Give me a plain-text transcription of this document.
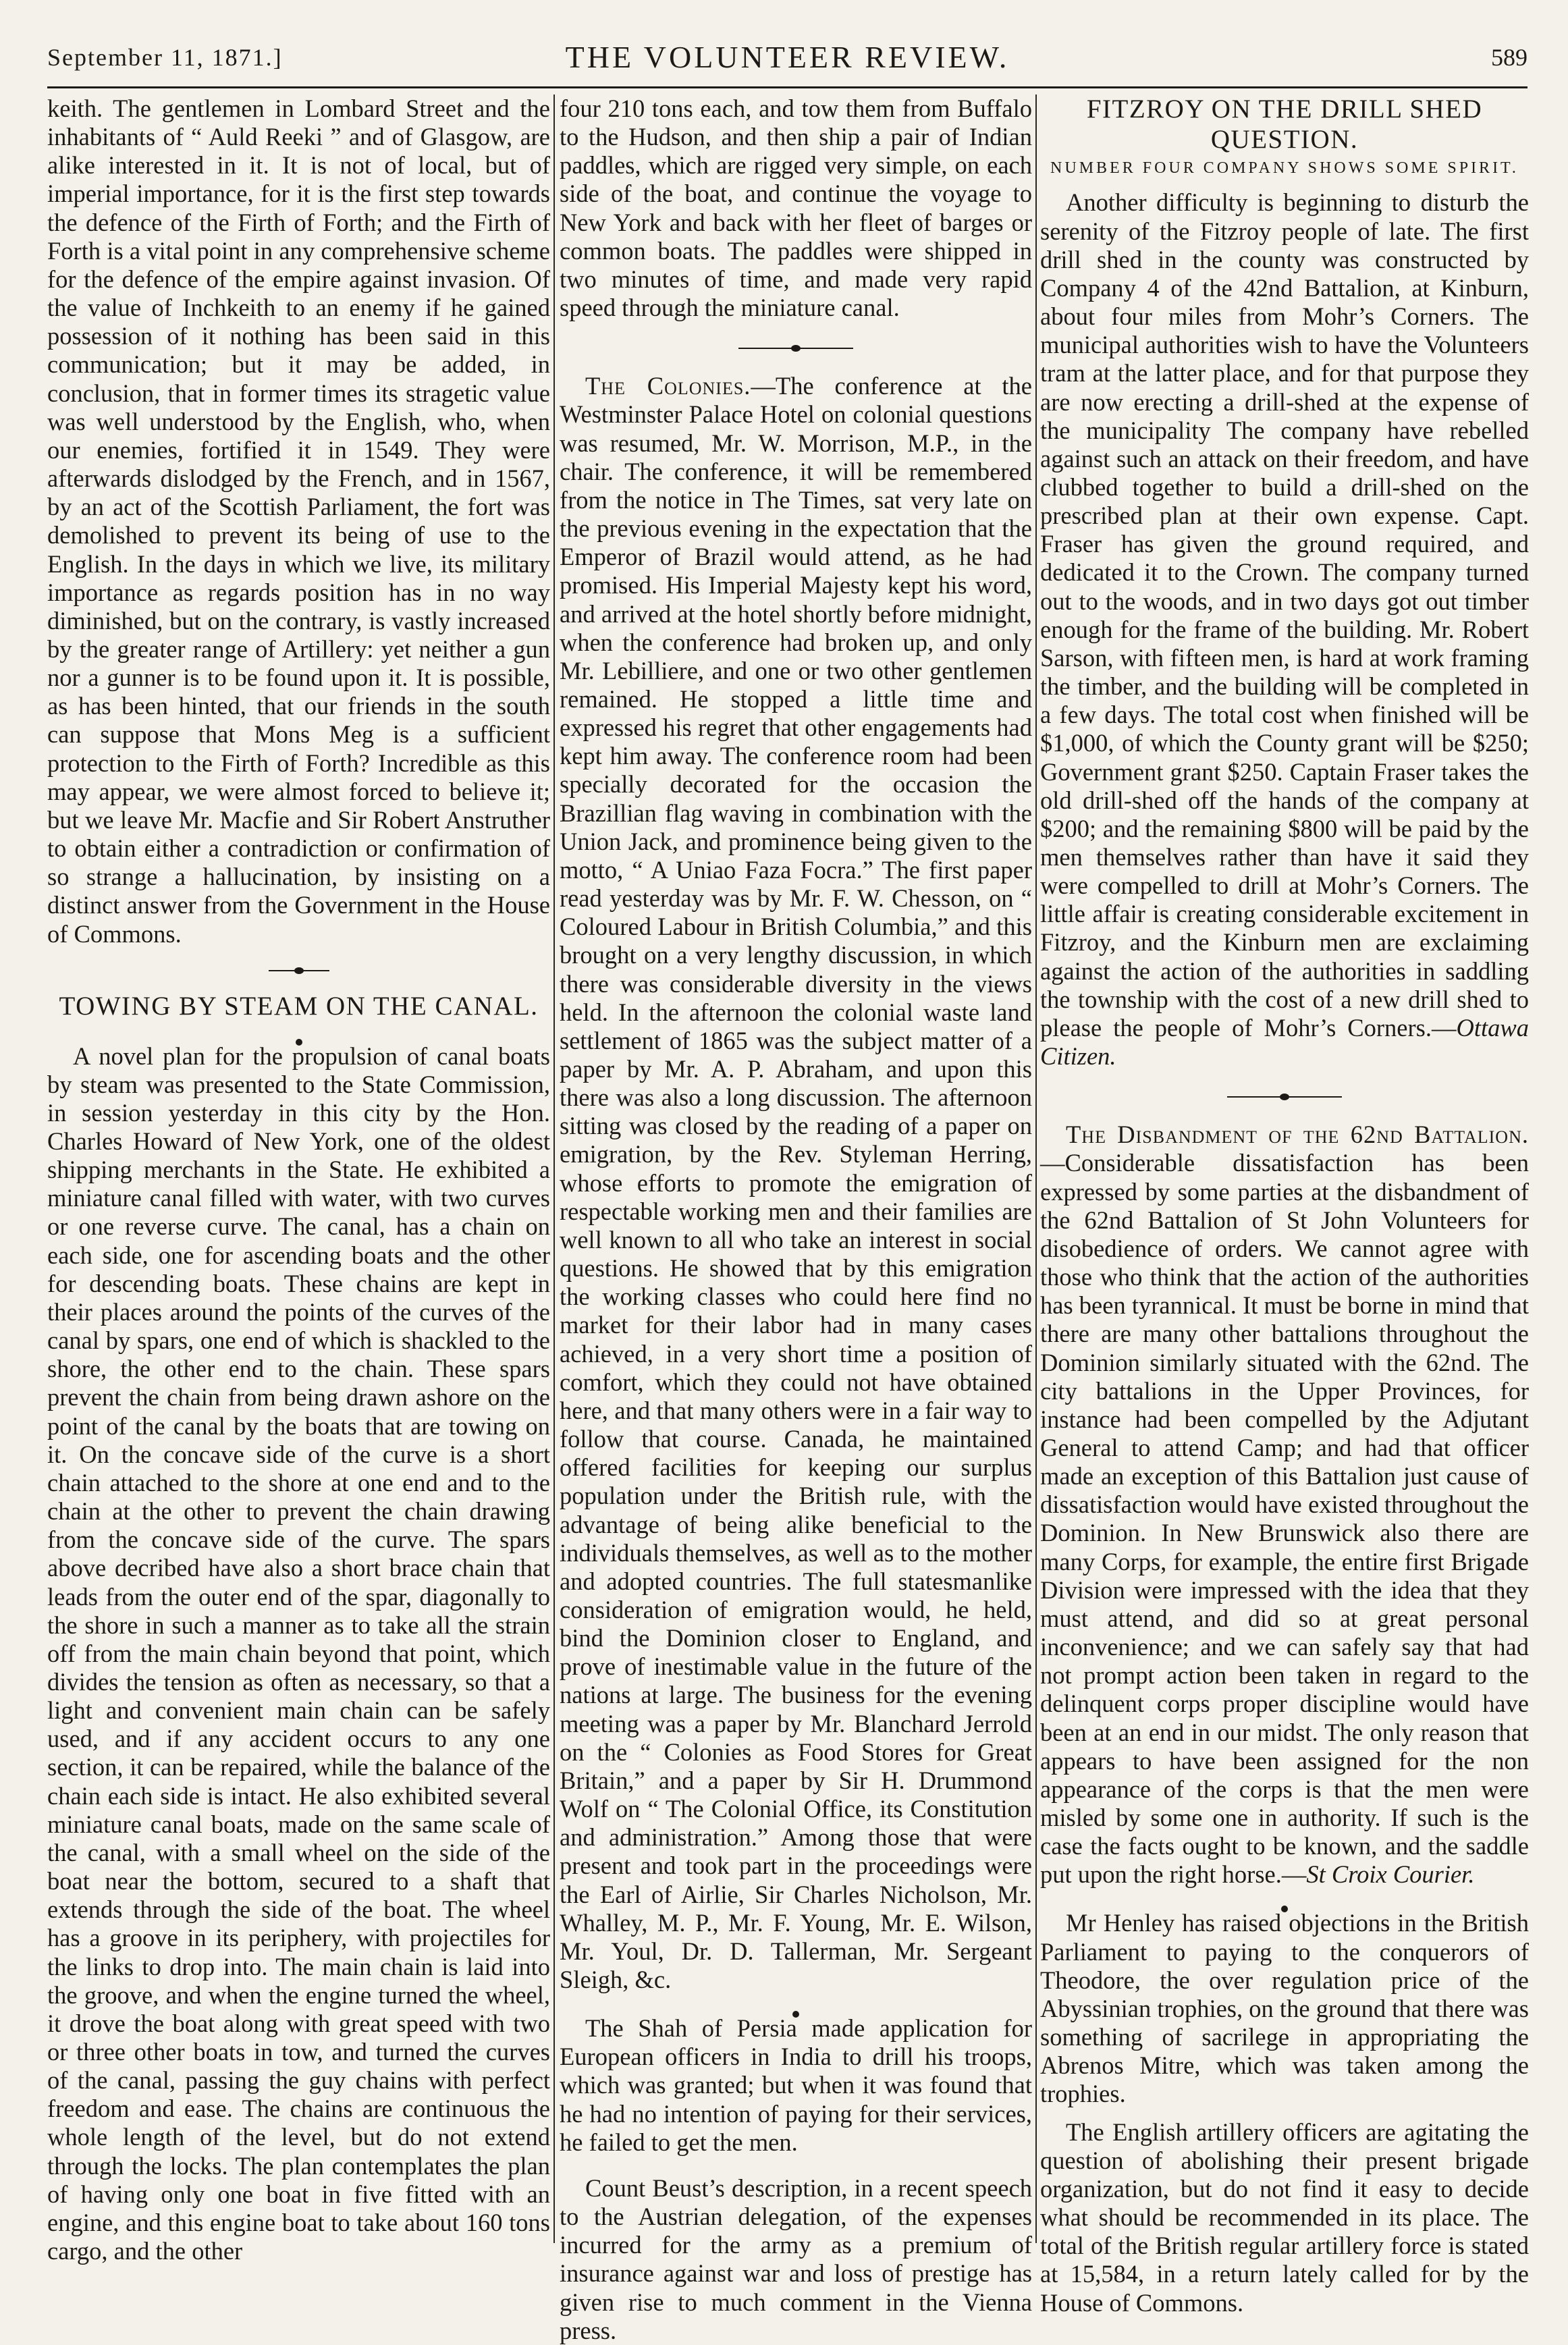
September 11, 1871.]	THE VOLUNTEER REVIEW.	589

keith. The gentlemen in Lombard Street and the inhabitants of “ Auld Reeki ” and of Glasgow, are alike interested in it. It is not of local, but of imperial importance, for it is the first step towards the defence of the Firth of Forth; and the Firth of Forth is a vital point in any comprehensive scheme for the defence of the empire against invasion. Of the value of Inchkeith to an enemy if he gained possession of it nothing has been said in this communication; but it may be added, in conclusion, that in former times its stragetic value was well understood by the English, who, when our enemies, fortified it in 1549. They were afterwards dislodged by the French, and in 1567, by an act of the Scottish Parliament, the fort was demolished to prevent its being of use to the English. In the days in which we live, its military importance as regards position has in no way diminished, but on the contrary, is vastly increased by the greater range of Artillery: yet neither a gun nor a gunner is to be found upon it. It is possible, as has been hinted, that our friends in the south can suppose that Mons Meg is a sufficient protection to the Firth of Forth? Incredible as this may appear, we were almost forced to believe it; but we leave Mr. Macfie and Sir Robert Anstruther to obtain either a contradiction or confirmation of so strange a hallucination, by insisting on a distinct answer from the Government in the House of Commons.

TOWING BY STEAM ON THE CANAL.

A novel plan for the propulsion of canal boats by steam was presented to the State Commission, in session yesterday in this city by the Hon. Charles Howard of New York, one of the oldest shipping merchants in the State. He exhibited a miniature canal filled with water, with two curves or one reverse curve. The canal, has a chain on each side, one for ascending boats and the other for descending boats. These chains are kept in their places around the points of the curves of the canal by spars, one end of which is shackled to the shore, the other end to the chain. These spars prevent the chain from being drawn ashore on the point of the canal by the boats that are towing on it. On the concave side of the curve is a short chain attached to the shore at one end and to the chain at the other to prevent the chain drawing from the concave side of the curve. The spars above decribed have also a short brace chain that leads from the outer end of the spar, diagonally to the shore in such a manner as to take all the strain off from the main chain beyond that point, which divides the tension as often as necessary, so that a light and convenient main chain can be safely used, and if any accident occurs to any one section, it can be repaired, while the balance of the chain each side is intact. He also exhibited several miniature canal boats, made on the same scale of the canal, with a small wheel on the side of the boat near the bottom, secured to a shaft that extends through the side of the boat. The wheel has a groove in its periphery, with projectiles for the links to drop into. The main chain is laid into the groove, and when the engine turned the wheel, it drove the boat along with great speed with two or three other boats in tow, and turned the curves of the canal, passing the guy chains with perfect freedom and ease. The chains are continuous the whole length of the level, but do not extend through the locks. The plan contemplates the plan of having only one boat in five fitted with an engine, and this engine boat to take about 160 tons cargo, and the other

four 210 tons each, and tow them from Buffalo to the Hudson, and then ship a pair of Indian paddles, which are rigged very simple, on each side of the boat, and continue the voyage to New York and back with her fleet of barges or common boats. The paddles were shipped in two minutes of time, and made very rapid speed through the miniature canal.

The Colonies.—The conference at the Westminster Palace Hotel on colonial questions was resumed, Mr. W. Morrison, M.P., in the chair. The conference, it will be remembered from the notice in The Times, sat very late on the previous evening in the expectation that the Emperor of Brazil would attend, as he had promised. His Imperial Majesty kept his word, and arrived at the hotel shortly before midnight, when the conference had broken up, and only Mr. Lebilliere, and one or two other gentlemen remained. He stopped a little time and expressed his regret that other engagements had kept him away. The conference room had been specially decorated for the occasion the Brazillian flag waving in combination with the Union Jack, and prominence being given to the motto, “ A Uniao Faza Focra.” The first paper read yesterday was by Mr. F. W. Chesson, on “ Coloured Labour in British Columbia,” and this brought on a very lengthy discussion, in which there was considerable diversity in the views held. In the afternoon the colonial waste land settlement of 1865 was the subject matter of a paper by Mr. A. P. Abraham, and upon this there was also a long discussion. The afternoon sitting was closed by the reading of a paper on emigration, by the Rev. Styleman Herring, whose efforts to promote the emigration of respectable working men and their families are well known to all who take an interest in social questions. He showed that by this emigration the working classes who could here find no market for their labor had in many cases achieved, in a very short time a position of comfort, which they could not have obtained here, and that many others were in a fair way to follow that course. Canada, he maintained offered facilities for keeping our surplus population under the British rule, with the advantage of being alike beneficial to the individuals themselves, as well as to the mother and adopted countries. The full statesmanlike consideration of emigration would, he held, bind the Dominion closer to England, and prove of inestimable value in the future of the nations at large. The business for the evening meeting was a paper by Mr. Blanchard Jerrold on the “ Colonies as Food Stores for Great Britain,” and a paper by Sir H. Drummond Wolf on “ The Colonial Office, its Constitution and administration.” Among those that were present and took part in the proceedings were the Earl of Airlie, Sir Charles Nicholson, Mr. Whalley, M. P., Mr. F. Young, Mr. E. Wilson, Mr. Youl, Dr. D. Tallerman, Mr. Sergeant Sleigh, &c.

The Shah of Persia made application for European officers in India to drill his troops, which was granted; but when it was found that he had no intention of paying for their services, he failed to get the men.

Count Beust’s description, in a recent speech to the Austrian delegation, of the expenses incurred for the army as a premium of insurance against war and loss of prestige has given rise to much comment in the Vienna press.

FITZROY ON THE DRILL SHED QUESTION.
NUMBER FOUR COMPANY SHOWS SOME SPIRIT.

Another difficulty is beginning to disturb the serenity of the Fitzroy people of late. The first drill shed in the county was constructed by Company 4 of the 42nd Battalion, at Kinburn, about four miles from Mohr’s Corners. The municipal authorities wish to have the Volunteers tram at the latter place, and for that purpose they are now erecting a drill-shed at the expense of the municipality The company have rebelled against such an attack on their freedom, and have clubbed together to build a drill-shed on the prescribed plan at their own expense. Capt. Fraser has given the ground required, and dedicated it to the Crown. The company turned out to the woods, and in two days got out timber enough for the frame of the building. Mr. Robert Sarson, with fifteen men, is hard at work framing the timber, and the building will be completed in a few days. The total cost when finished will be $1,000, of which the County grant will be $250; Government grant $250. Captain Fraser takes the old drill-shed off the hands of the company at $200; and the remaining $800 will be paid by the men themselves rather than have it said they were compelled to drill at Mohr’s Corners. The little affair is creating considerable excitement in Fitzroy, and the Kinburn men are exclaiming against the action of the authorities in saddling the township with the cost of a new drill shed to please the people of Mohr’s Corners.—Ottawa Citizen.

The Disbandment of the 62nd Battalion.—Considerable dissatisfaction has been expressed by some parties at the disbandment of the 62nd Battalion of St John Volunteers for disobedience of orders. We cannot agree with those who think that the action of the authorities has been tyrannical. It must be borne in mind that there are many other battalions throughout the Dominion similarly situated with the 62nd. The city battalions in the Upper Provinces, for instance had been compelled by the Adjutant General to attend Camp; and had that officer made an exception of this Battalion just cause of dissatisfaction would have existed throughout the Dominion. In New Brunswick also there are many Corps, for example, the entire first Brigade Division were impressed with the idea that they must attend, and did so at great personal inconvenience; and we can safely say that had not prompt action been taken in regard to the delinquent corps proper discipline would have been at an end in our midst. The only reason that appears to have been assigned for the non appearance of the corps is that the men were misled by some one in authority. If such is the case the facts ought to be known, and the saddle put upon the right horse.—St Croix Courier.

Mr Henley has raised objections in the British Parliament to paying to the conquerors of Theodore, the over regulation price of the Abyssinian trophies, on the ground that there was something of sacrilege in appropriating the Abrenos Mitre, which was taken among the trophies.

The English artillery officers are agitating the question of abolishing their present brigade organization, but do not find it easy to decide what should be recommended in its place. The total of the British regular artillery force is stated at 15,584, in a return lately called for by the House of Commons.
